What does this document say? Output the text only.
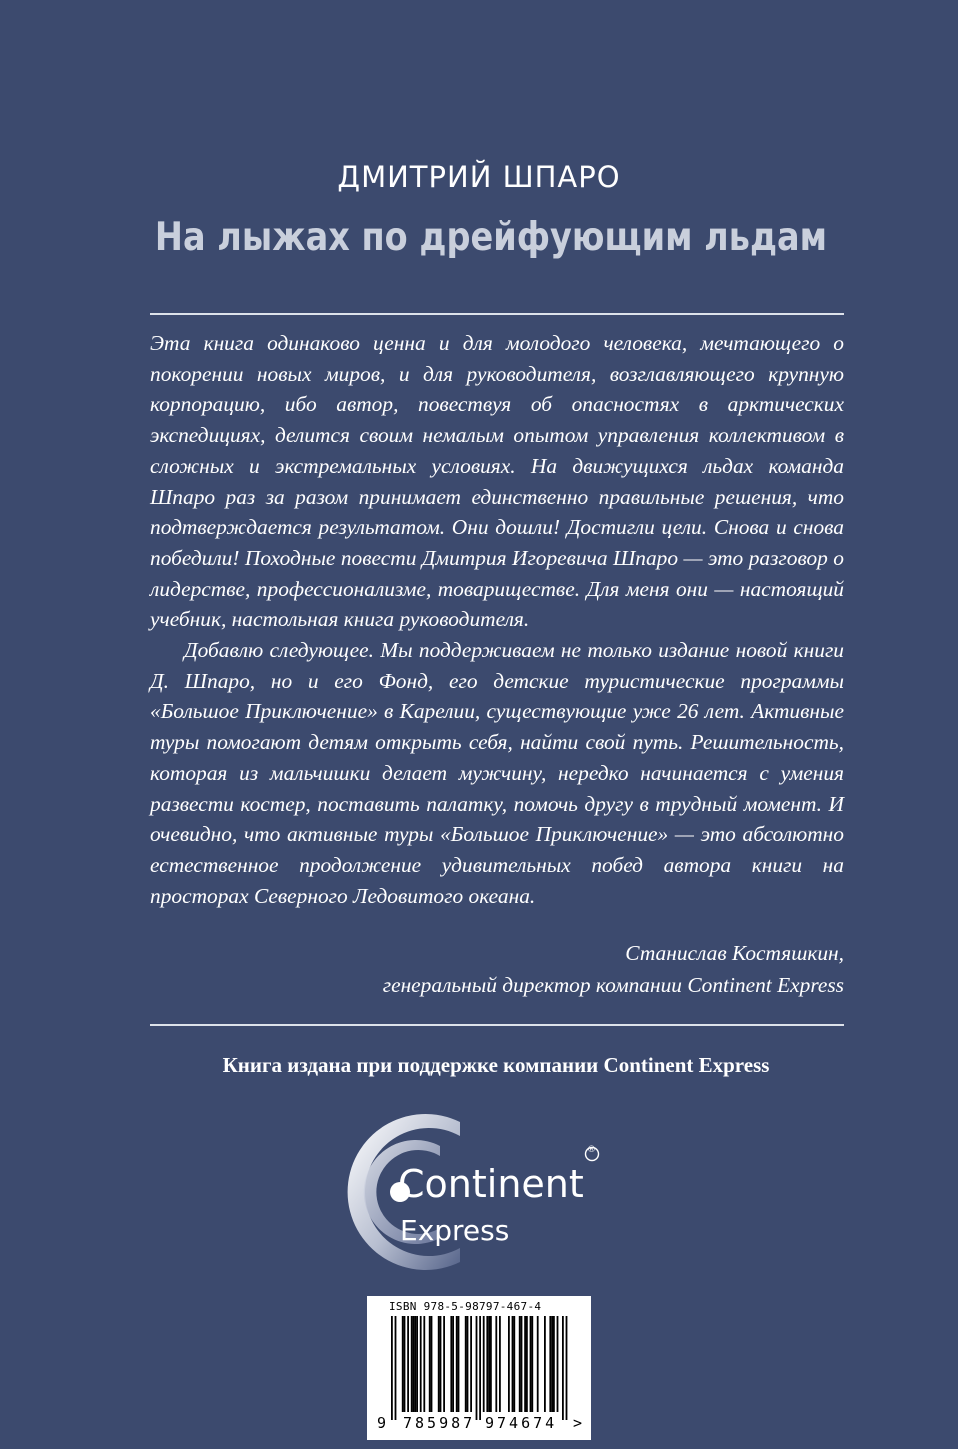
ДМИТРИЙ ШПАРО
На лыжах по дрейфующим льдам

Эта книга одинаково ценна и для молодого человека, мечтающего о покорении новых миров, и для руководителя, возглавляющего крупную корпорацию, ибо автор, повествуя об опасностях в арктических экспедициях, делится своим немалым опытом управления коллективом в сложных и экстремальных условиях. На движущихся льдах команда Шпаро раз за разом принимает единственно правильные решения, что подтверждается результатом. Они дошли! Достигли цели. Снова и снова победили! Походные повести Дмитрия Игоревича Шпаро — это разговор о лидерстве, профессионализме, товариществе. Для меня они — настоящий учебник, настольная книга руководителя.

Добавлю следующее. Мы поддерживаем не только издание новой книги Д. Шпаро, но и его Фонд, его детские туристические программы «Большое Приключение» в Карелии, существующие уже 26 лет. Активные туры помогают детям открыть себя, найти свой путь. Решительность, которая из мальчишки делает мужчину, нередко начинается с умения развести костер, поставить палатку, помочь другу в трудный момент. И очевидно, что активные туры «Большое Приключение» — это абсолютно естественное продолжение удивительных побед автора книги на просторах Северного Ледовитого океана.

Станислав Костяшкин,
генеральный директор компании Continent Express
Книга издана при поддержке компании Continent Express
Continent
Express
®
ISBN 978-5-98797-467-4
9 785987 974674 >
